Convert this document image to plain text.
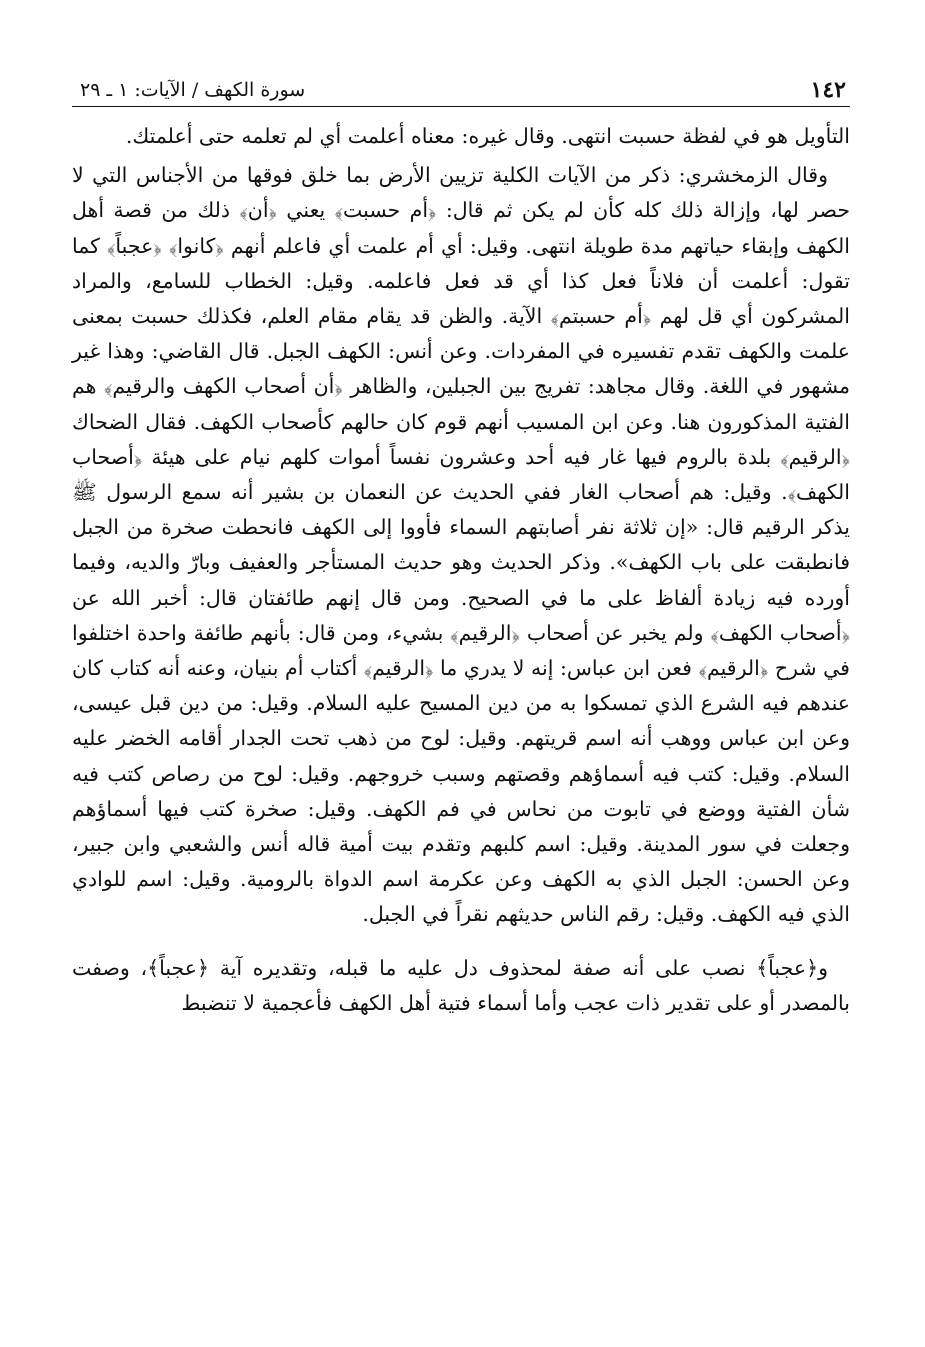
١٤٢
سورة الكهف / الآيات: ١ ـ ٢٩

التأويل هو في لفظة حسبت انتهى. وقال غيره: معناه أعلمت أي لم تعلمه حتى أعلمتك.

وقال الزمخشري: ذكر من الآيات الكلية تزيين الأرض بما خلق فوقها من الأجناس التي لا حصر لها، وإزالة ذلك كله كأن لم يكن ثم قال: ﴿أم حسبت﴾ يعني ﴿أن﴾ ذلك من قصة أهل الكهف وإبقاء حياتهم مدة طويلة انتهى. وقيل: أي أم علمت أي فاعلم أنهم ﴿كانوا﴾ ﴿عجباً﴾ كما تقول: أعلمت أن فلاناً فعل كذا أي قد فعل فاعلمه. وقيل: الخطاب للسامع، والمراد المشركون أي قل لهم ﴿أم حسبتم﴾ الآية. والظن قد يقام مقام العلم، فكذلك حسبت بمعنى علمت والكهف تقدم تفسيره في المفردات. وعن أنس: الكهف الجبل. قال القاضي: وهذا غير مشهور في اللغة. وقال مجاهد: تفريج بين الجبلين، والظاهر ﴿أن أصحاب الكهف والرقيم﴾ هم الفتية المذكورون هنا. وعن ابن المسيب أنهم قوم كان حالهم كأصحاب الكهف. فقال الضحاك ﴿الرقيم﴾ بلدة بالروم فيها غار فيه أحد وعشرون نفساً أموات كلهم نيام على هيئة ﴿أصحاب الكهف﴾. وقيل: هم أصحاب الغار ففي الحديث عن النعمان بن بشير أنه سمع الرسول ﷺ يذكر الرقيم قال: «إن ثلاثة نفر أصابتهم السماء فأووا إلى الكهف فانحطت صخرة من الجبل فانطبقت على باب الكهف». وذكر الحديث وهو حديث المستأجر والعفيف وبارّ والديه، وفيما أورده فيه زيادة ألفاظ على ما في الصحيح. ومن قال إنهم طائفتان قال: أخبر الله عن ﴿أصحاب الكهف﴾ ولم يخبر عن أصحاب ﴿الرقيم﴾ بشيء، ومن قال: بأنهم طائفة واحدة اختلفوا في شرح ﴿الرقيم﴾ فعن ابن عباس: إنه لا يدري ما ﴿الرقيم﴾ أكتاب أم بنيان، وعنه أنه كتاب كان عندهم فيه الشرع الذي تمسكوا به من دين المسيح عليه السلام. وقيل: من دين قبل عيسى، وعن ابن عباس ووهب أنه اسم قريتهم. وقيل: لوح من ذهب تحت الجدار أقامه الخضر عليه السلام. وقيل: كتب فيه أسماؤهم وقصتهم وسبب خروجهم. وقيل: لوح من رصاص كتب فيه شأن الفتية ووضع في تابوت من نحاس في فم الكهف. وقيل: صخرة كتب فيها أسماؤهم وجعلت في سور المدينة. وقيل: اسم كلبهم وتقدم بيت أمية قاله أنس والشعبي وابن جبير، وعن الحسن: الجبل الذي به الكهف وعن عكرمة اسم الدواة بالرومية. وقيل: اسم للوادي الذي فيه الكهف. وقيل: رقم الناس حديثهم نقراً في الجبل.

و﴿عجباً﴾ نصب على أنه صفة لمحذوف دل عليه ما قبله، وتقديره آية ﴿عجباً﴾، وصفت بالمصدر أو على تقدير ذات عجب وأما أسماء فتية أهل الكهف فأعجمية لا تنضبط
